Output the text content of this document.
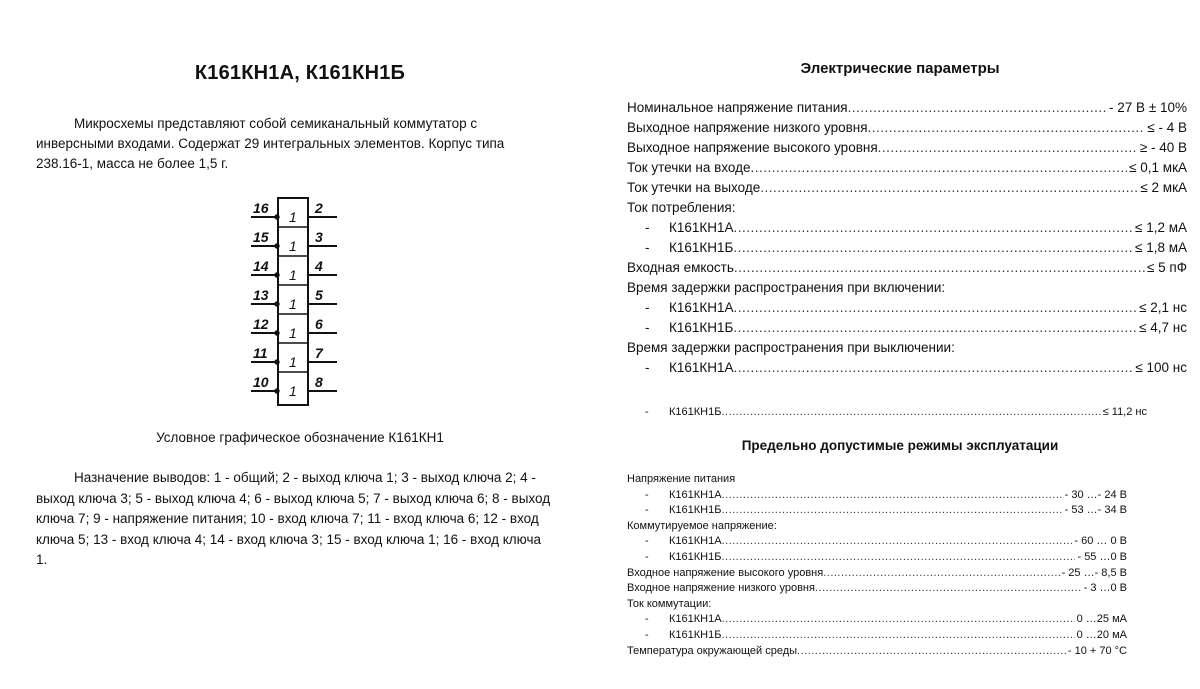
К161КН1А, К161КН1Б
Микросхемы представляют собой семиканальный коммутатор с инверсными входами. Содержат 29 интегральных элементов. Корпус типа 238.16-1, масса не более 1,5 г.
16	2
1
15	3
1
14	4
1
13	5
1
12	6
1
11	7
1
10	8
1
Условное графическое обозначение К161КН1
Назначение выводов: 1 - общий; 2 - выход ключа 1; 3 - выход ключа 2; 4 - выход ключа 3; 5 - выход ключа 4; 6 - выход ключа 5; 7 - выход ключа 6; 8 - выход ключа 7; 9 - напряжение питания; 10 - вход ключа 7; 11 - вход ключа 6; 12 - вход ключа 5; 13 - вход ключа 4; 14 - вход ключа 3; 15 - вход ключа 1; 16 - вход ключа 1.
Электрические параметры
Номинальное напряжение питания .....	- 27 В ± 10%
Выходное напряжение низкого уровня .....	≤ - 4 В
Выходное напряжение высокого уровня .....	≥ - 40 В
Ток утечки на входе .....	≤ 0,1 мкА
Ток утечки на выходе .....	≤ 2 мкА
Ток потребления:
- К161КН1А .....	≤ 1,2 мА
- К161КН1Б .....	≤ 1,8 мА
Входная емкость .....	≤ 5 пФ
Время задержки распространения при включении:
- К161КН1А .....	≤ 2,1 нс
- К161КН1Б .....	≤ 4,7 нс
Время задержки распространения при выключении:
- К161КН1А .....	≤ 100 нс
- К161КН1Б .....	≤ 11,2 нс
Предельно допустимые режимы эксплуатации
Напряжение питания
- К161КН1А .....	- 30 …- 24 В
- К161КН1Б .....	- 53 …- 34 В
Коммутируемое напряжение:
- К161КН1А .....	- 60 … 0 В
- К161КН1Б .....	- 55 …0 В
Входное напряжение высокого уровня .....	- 25 …- 8,5 В
Входное напряжение низкого уровня .....	- 3 …0 В
Ток коммутации:
- К161КН1А .....	0 …25 мА
- К161КН1Б .....	0 …20 мА
Температура окружающей среды .....	- 10 + 70 °С
